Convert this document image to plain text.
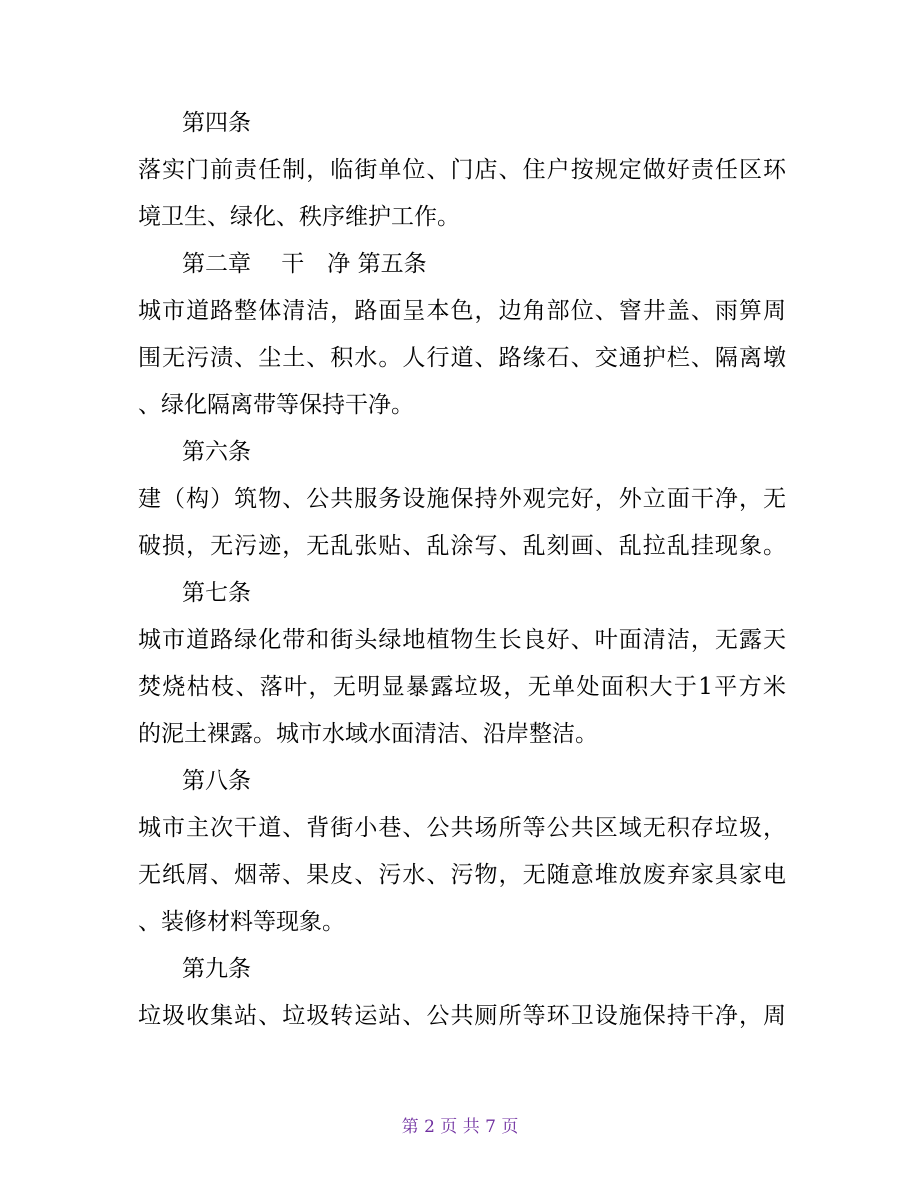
第四条
落实门前责任制，临街单位、门店、住户按规定做好责任区环
境卫生、绿化、秩序维护工作。
第二章　 干　净 第五条
城市道路整体清洁，路面呈本色，边角部位、窨井盖、雨箅周
围无污渍、尘土、积水。人行道、路缘石、交通护栏、隔离墩
、绿化隔离带等保持干净。
第六条
建（构）筑物、公共服务设施保持外观完好，外立面干净，无
破损，无污迹，无乱张贴、乱涂写、乱刻画、乱拉乱挂现象。
第七条
城市道路绿化带和街头绿地植物生长良好、叶面清洁，无露天
焚烧枯枝、落叶，无明显暴露垃圾，无单处面积大于1平方米
的泥土裸露。城市水域水面清洁、沿岸整洁。
第八条
城市主次干道、背街小巷、公共场所等公共区域无积存垃圾，
无纸屑、烟蒂、果皮、污水、污物，无随意堆放废弃家具家电
、装修材料等现象。
第九条
垃圾收集站、垃圾转运站、公共厕所等环卫设施保持干净，周
第 2 页 共 7 页
